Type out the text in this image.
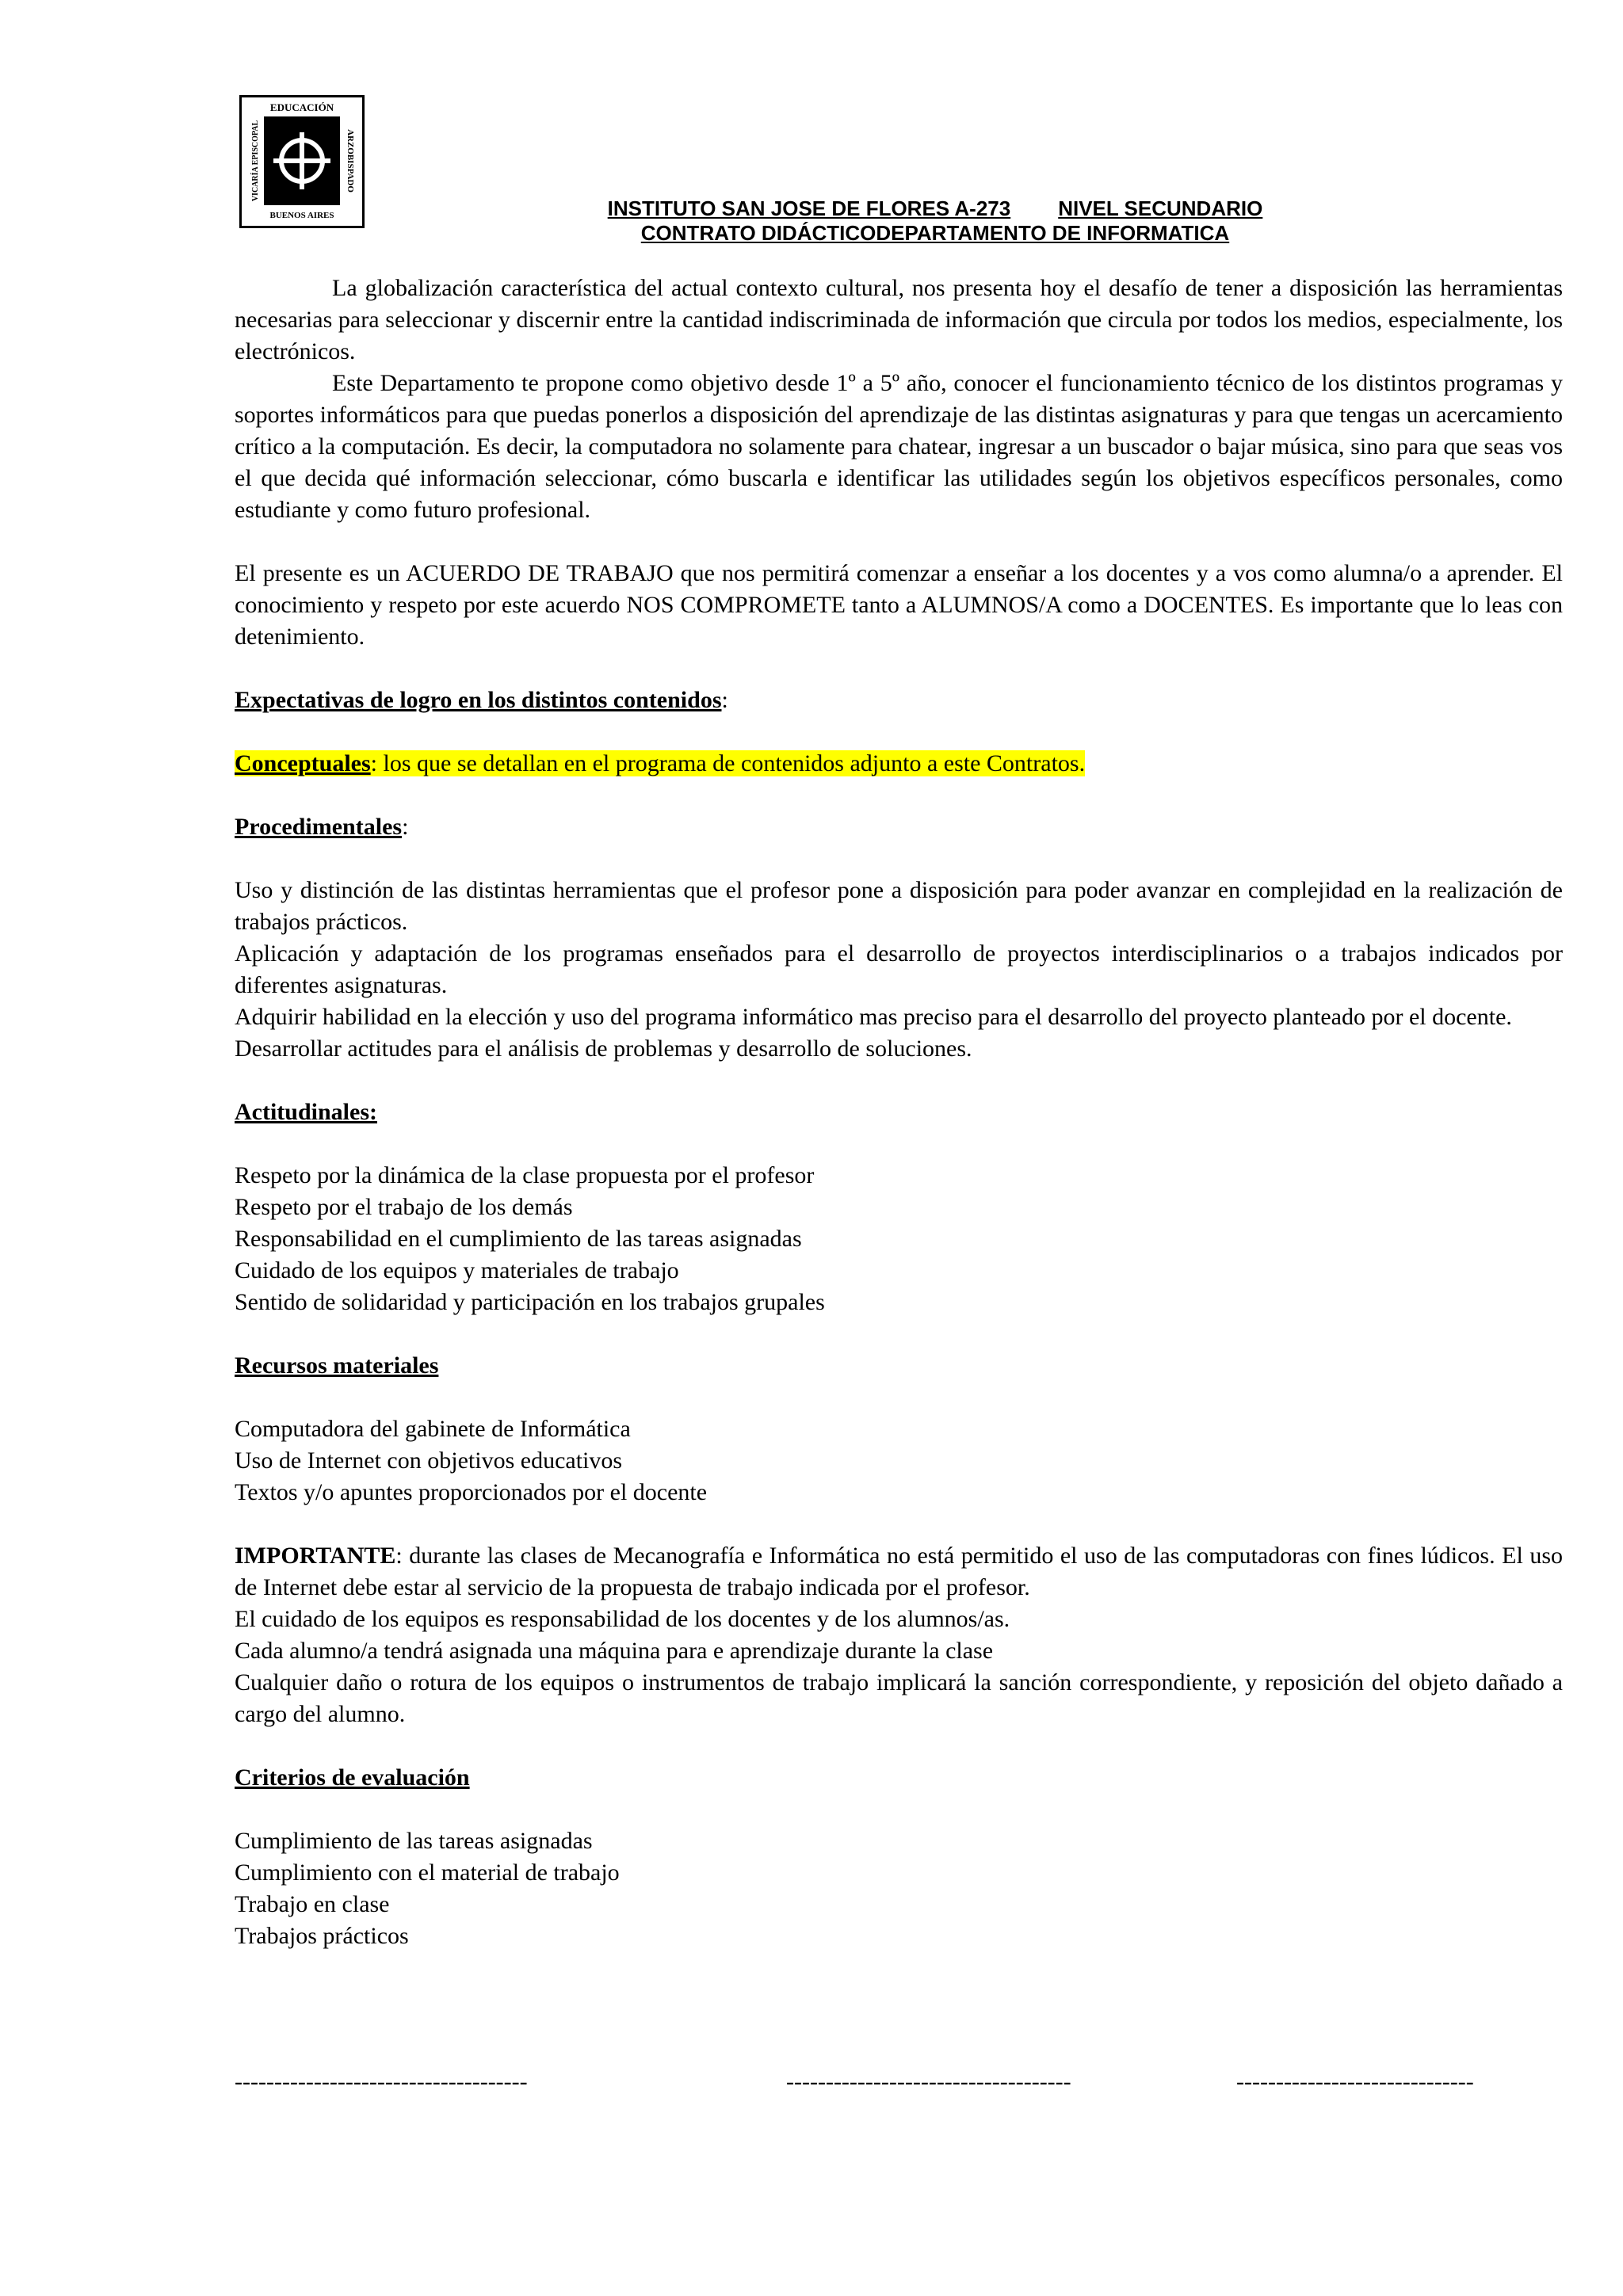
EDUCACIÓN
BUENOS AIRES
VICARÍA EPISCOPAL	ARZOBISPADO
INSTITUTO SAN JOSE DE FLORES A-273 NIVEL SECUNDARIO
CONTRATO DIDÁCTICODEPARTAMENTO DE INFORMATICA

La globalización característica del actual contexto cultural, nos presenta hoy el desafío de tener a disposición las herramientas necesarias para seleccionar y discernir entre la cantidad indiscriminada de información que circula por todos los medios, especialmente, los electrónicos.

Este Departamento te propone como objetivo desde 1º a 5º año, conocer el funcionamiento técnico de los distintos programas y soportes informáticos para que puedas ponerlos a disposición del aprendizaje de las distintas asignaturas y para que tengas un acercamiento crítico a la computación. Es decir, la computadora no solamente para chatear, ingresar a un buscador o bajar música, sino para que seas vos el que decida qué información seleccionar, cómo buscarla e identificar las utilidades según los objetivos específicos personales, como estudiante y como futuro profesional.

El presente es un ACUERDO DE TRABAJO que nos permitirá comenzar a enseñar a los docentes y a vos como alumna/o a aprender. El conocimiento y respeto por este acuerdo NOS COMPROMETE tanto a ALUMNOS/A como a DOCENTES. Es importante que lo leas con detenimiento.

Expectativas de logro en los distintos contenidos:

Conceptuales: los que se detallan en el programa de contenidos adjunto a este Contratos.

Procedimentales:

Uso y distinción de las distintas herramientas que el profesor pone a disposición para poder avanzar en complejidad en la realización de trabajos prácticos.

Aplicación y adaptación de los programas enseñados para el desarrollo de proyectos interdisciplinarios o a trabajos indicados por diferentes asignaturas.

Adquirir habilidad en la elección y uso del programa informático mas preciso para el desarrollo del proyecto planteado por el docente.

Desarrollar actitudes para el análisis de problemas y desarrollo de soluciones.

Actitudinales:

Respeto por la dinámica de la clase propuesta por el profesor

Respeto por el trabajo de los demás

Responsabilidad en el cumplimiento de las tareas asignadas

Cuidado de los equipos y materiales de trabajo

Sentido de solidaridad y participación en los trabajos grupales

Recursos materiales

Computadora del gabinete de Informática

Uso de Internet con objetivos educativos

Textos y/o apuntes proporcionados por el docente

IMPORTANTE: durante las clases de Mecanografía e Informática no está permitido el uso de las computadoras con fines lúdicos. El uso de Internet debe estar al servicio de la propuesta de trabajo indicada por el profesor.

El cuidado de los equipos es responsabilidad de los docentes y de los alumnos/as.

Cada alumno/a tendrá asignada una máquina para e aprendizaje durante la clase

Cualquier daño o rotura de los equipos o instrumentos de trabajo implicará la sanción correspondiente, y reposición del objeto dañado a cargo del alumno.

Criterios de evaluación

Cumplimiento de las tareas asignadas

Cumplimiento con el material de trabajo

Trabajo en clase

Trabajos prácticos

-------------------------------------	------------------------------------	------------------------------
